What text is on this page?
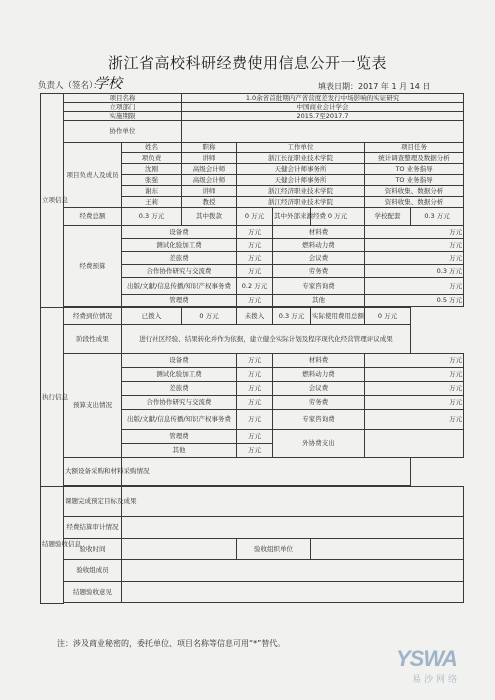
浙江省高校科研经费使用信息公开一览表
负责人（签名）：
学校	填表日期：2017 年 1 月 14 日
立项信息	项目名称		1.0余省首批期内产省营度差发行中场影响的实证研究					
	立项部门		中国商业会计学会					
	实施期限		2015.7至2017.7					
	协作单位							
	项目负责人及成员	姓名	职称	工作单位			项目任务	
		项负责	讲师	浙江长征职业技术学院			统计调查整理及数据分析	
		沈刚	高级会计师	天健会计师事务所			TO 业务指导	
		张强	高级会计师	天健会计师事务所			TO 业务指导	
		谢东	讲师	浙江经济职业技术学院			资料收集、数据分析	
		王莉	教授	浙江经济职业技术学院			资料收集、数据分析	
	经费总额	0.3 万元	其中拨款	0 万元	其中外部来源经费	0 万元	学校配套	0.3 万元
	经费预算	设备费		万元	材料费		万元	
		测试化验加工费		万元	燃料动力费		万元	
		差旅费		万元	会议费		万元	
		合作协作研究与交流费		万元	劳务费		0.3 万元	
		出版/文献/信息传播/知识产权事务费		0.2 万元	专家咨询费		万元	
		管理费		万元	其他		0.5 万元	

执行信息	经费到位情况	已拨入	0 万元	未拨入	0.3 万元	实际使用费用总额	0 万元	
	阶段性成果	进行社区经验、结果转化并作为依据，建立健全实际计划及程序现代化经营管理评议成果						
	预算支出情况	设备费		万元	材料费		万元	
		测试化验加工费		万元	燃料动力费		万元	
		差旅费		万元	会议费		万元	
		合作协作研究与交流费		万元	劳务费		万元	
		出版/文献/信息传播/知识产权事务费		万元	专家咨询费		万元	
		管理费		万元	外协费支出			
		其他		万元				
	大额设备采购和材料采购情况							

结题验收信息	课题完成预定目标及成果							
	经费结算审计情况							
	验收时间			验收组织单位				
	验收组成员							
	结题验收意见							

注：涉及商业秘密的，委托单位、项目名称等信息可用“*”替代。
YSWA
易沙网络
